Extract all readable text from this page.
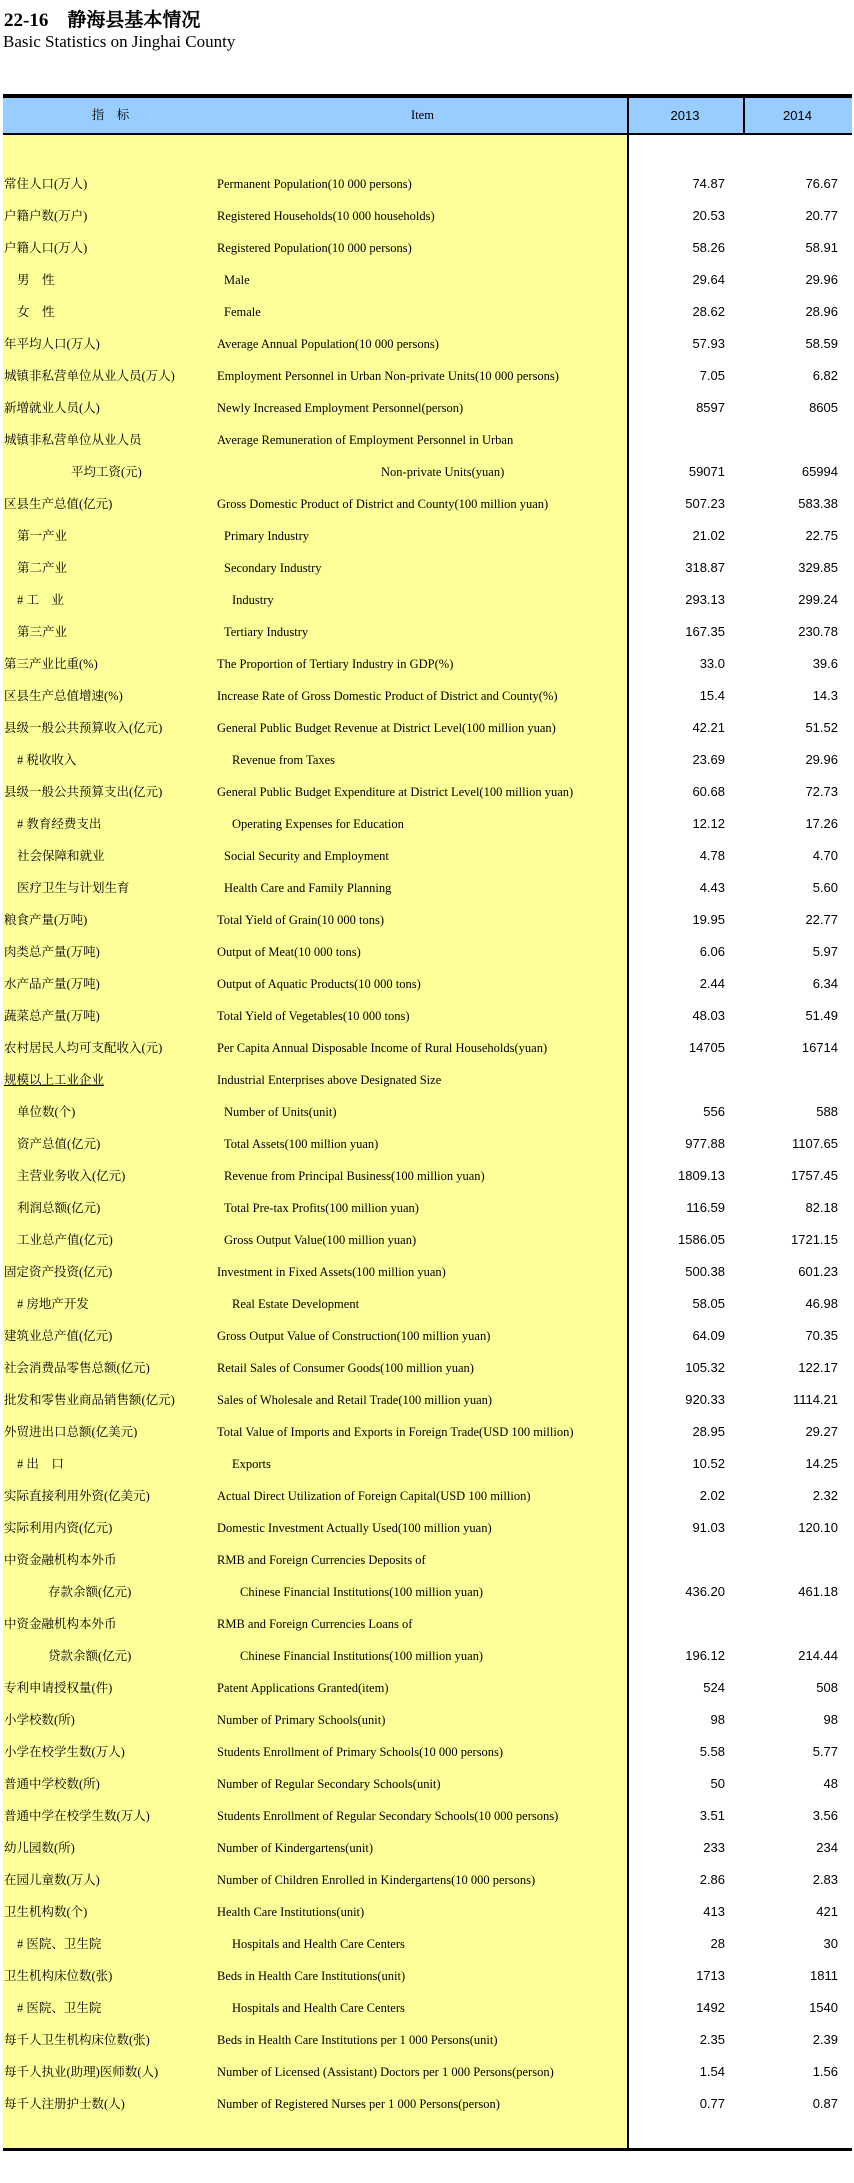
22-16　静海县基本情况
Basic Statistics on Jinghai County
指　标	Item	2013	2014
常住人口(万人)	Permanent Population(10 000 persons)	74.87	76.67
户籍户数(万户)	Registered Households(10 000 households)	20.53	20.77
户籍人口(万人)	Registered Population(10 000 persons)	58.26	58.91
男　性	Male	29.64	29.96
女　性	Female	28.62	28.96
年平均人口(万人)	Average Annual Population(10 000 persons)	57.93	58.59
城镇非私营单位从业人员(万人)	Employment Personnel in Urban Non-private Units(10 000 persons)	7.05	6.82
新增就业人员(人)	Newly Increased Employment Personnel(person)	8597	8605
城镇非私营单位从业人员	Average Remuneration of Employment Personnel in Urban
平均工资(元)	Non-private Units(yuan)	59071	65994
区县生产总值(亿元)	Gross Domestic Product of District and County(100 million yuan)	507.23	583.38
第一产业	Primary Industry	21.02	22.75
第二产业	Secondary Industry	318.87	329.85
# 工　业	Industry	293.13	299.24
第三产业	Tertiary Industry	167.35	230.78
第三产业比重(%)	The Proportion of Tertiary Industry in GDP(%)	33.0	39.6
区县生产总值增速(%)	Increase Rate of Gross Domestic Product of District and County(%)	15.4	14.3
县级一般公共预算收入(亿元)	General Public Budget Revenue at District Level(100 million yuan)	42.21	51.52
# 税收收入	Revenue from Taxes	23.69	29.96
县级一般公共预算支出(亿元)	General Public Budget Expenditure at District Level(100 million yuan)	60.68	72.73
# 教育经费支出	Operating Expenses for Education	12.12	17.26
社会保障和就业	Social Security and Employment	4.78	4.70
医疗卫生与计划生育	Health Care and Family Planning	4.43	5.60
粮食产量(万吨)	Total Yield of Grain(10 000 tons)	19.95	22.77
肉类总产量(万吨)	Output of Meat(10 000 tons)	6.06	5.97
水产品产量(万吨)	Output of Aquatic Products(10 000 tons)	2.44	6.34
蔬菜总产量(万吨)	Total Yield of Vegetables(10 000 tons)	48.03	51.49
农村居民人均可支配收入(元)	Per Capita Annual Disposable Income of Rural Households(yuan)	14705	16714
规模以上工业企业	Industrial Enterprises above Designated Size
单位数(个)	Number of Units(unit)	556	588
资产总值(亿元)	Total Assets(100 million yuan)	977.88	1107.65
主营业务收入(亿元)	Revenue from Principal Business(100 million yuan)	1809.13	1757.45
利润总额(亿元)	Total Pre-tax Profits(100 million yuan)	116.59	82.18
工业总产值(亿元)	Gross Output Value(100 million yuan)	1586.05	1721.15
固定资产投资(亿元)	Investment in Fixed Assets(100 million yuan)	500.38	601.23
# 房地产开发	Real Estate Development	58.05	46.98
建筑业总产值(亿元)	Gross Output Value of Construction(100 million yuan)	64.09	70.35
社会消费品零售总额(亿元)	Retail Sales of Consumer Goods(100 million yuan)	105.32	122.17
批发和零售业商品销售额(亿元)	Sales of Wholesale and Retail Trade(100 million yuan)	920.33	1114.21
外贸进出口总额(亿美元)	Total Value of Imports and Exports in Foreign Trade(USD 100 million)	28.95	29.27
# 出　口	Exports	10.52	14.25
实际直接利用外资(亿美元)	Actual Direct Utilization of Foreign Capital(USD 100 million)	2.02	2.32
实际利用内资(亿元)	Domestic Investment Actually Used(100 million yuan)	91.03	120.10
中资金融机构本外币	RMB and Foreign Currencies Deposits of
存款余额(亿元)	Chinese Financial Institutions(100 million yuan)	436.20	461.18
中资金融机构本外币	RMB and Foreign Currencies Loans of
贷款余额(亿元)	Chinese Financial Institutions(100 million yuan)	196.12	214.44
专利申请授权量(件)	Patent Applications Granted(item)	524	508
小学校数(所)	Number of Primary Schools(unit)	98	98
小学在校学生数(万人)	Students Enrollment of Primary Schools(10 000 persons)	5.58	5.77
普通中学校数(所)	Number of Regular Secondary Schools(unit)	50	48
普通中学在校学生数(万人)	Students Enrollment of Regular Secondary Schools(10 000 persons)	3.51	3.56
幼儿园数(所)	Number of Kindergartens(unit)	233	234
在园儿童数(万人)	Number of Children Enrolled in Kindergartens(10 000 persons)	2.86	2.83
卫生机构数(个)	Health Care Institutions(unit)	413	421
# 医院、卫生院	Hospitals and Health Care Centers	28	30
卫生机构床位数(张)	Beds in Health Care Institutions(unit)	1713	1811
# 医院、卫生院	Hospitals and Health Care Centers	1492	1540
每千人卫生机构床位数(张)	Beds in Health Care Institutions per 1 000 Persons(unit)	2.35	2.39
每千人执业(助理)医师数(人)	Number of Licensed (Assistant) Doctors per 1 000 Persons(person)	1.54	1.56
每千人注册护士数(人)	Number of Registered Nurses per 1 000 Persons(person)	0.77	0.87
